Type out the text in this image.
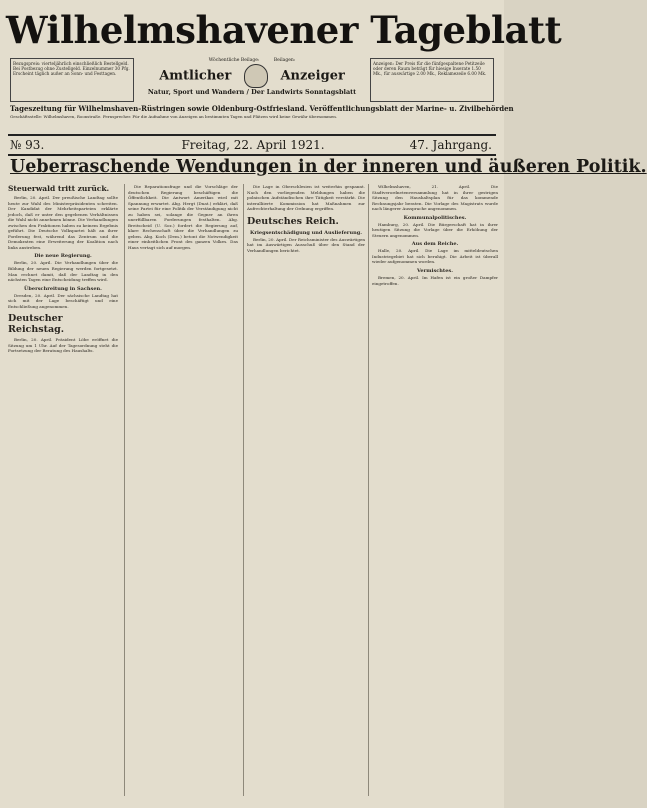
Wilhelmshavener Tageblatt
Bezugspreis: vierteljährlich einschließlich Bestellgeld. Bei Postbezug ohne Zustellgeld. Einzelnummer 30 Pfg. Erscheint täglich außer an Sonn- und Festtagen.
Wöchentliche Beilage:	Beilagen:
Amtlicher	Anzeiger
Natur, Sport und Wandern / Der Landwirts Sonntagsblatt
Anzeigen: Der Preis für die fünfgespaltene Petitzeile oder deren Raum beträgt für hiesige Inserate 1.50 Mk., für auswärtige 2.00 Mk., Reklamezeile 6.00 Mk.
Tageszeitung für Wilhelmshaven-Rüstringen sowie Oldenburg-Ostfriesland. Veröffentlichungsblatt der Marine- u. Zivilbehörden
Geschäftsstelle: Wilhelmshaven, Roonstraße. Fernsprecher. Für die Aufnahme von Anzeigen an bestimmten Tagen und Plätzen wird keine Gewähr übernommen.
№ 93.	Freitag, 22. April 1921.	47. Jahrgang.
Ueberraschende Wendungen in der inneren und äußeren Politik.
Steuerwald tritt zurück.

Berlin, 20. April. Der preußische Landtag sollte heute zur Wahl des Ministerpräsidenten schreiten. Der Kandidat der Mehrheitsparteien erklärte jedoch, daß er unter den gegebenen Verhältnissen die Wahl nicht annehmen könne. Die Verhandlungen zwischen den Fraktionen haben zu keinem Ergebnis geführt. Die Deutsche Volkspartei hält an ihrer Forderung fest, während das Zentrum und die Demokraten eine Erweiterung der Koalition nach links anstreben.

Die neue Regierung.

Berlin, 20. April. Die Verhandlungen über die Bildung der neuen Regierung werden fortgesetzt. Man rechnet damit, daß der Landtag in den nächsten Tagen eine Entscheidung treffen wird.

Überschreitung in Sachsen.

Dresden, 20. April. Der sächsische Landtag hat sich mit der Lage beschäftigt und eine Entschließung angenommen.

Deutscher Reichstag.

Berlin, 20. April. Präsident Löbe eröffnet die Sitzung um 1 Uhr. Auf der Tagesordnung steht die Fortsetzung der Beratung des Haushalts.

Die Reparationsfrage und die Vorschläge der deutschen Regierung beschäftigen die Öffentlichkeit. Die Antwort Amerikas wird mit Spannung erwartet. Abg. Hergt (Dnat.) erklärt, daß seine Partei für eine Politik der Verständigung nicht zu haben sei, solange die Gegner an ihren unerfüllbaren Forderungen festhalten. Abg. Breitscheid (U. Soz.) fordert die Regierung auf, klare Rechenschaft über die Verhandlungen zu geben. Abg. Koch (Dem.) betont die Notwendigkeit einer einheitlichen Front des ganzen Volkes. Das Haus vertagt sich auf morgen.

Die Lage in Oberschlesien ist weiterhin gespannt. Nach den vorliegenden Meldungen haben die polnischen Aufständischen ihre Tätigkeit verstärkt. Die interalliierte Kommission hat Maßnahmen zur Aufrechterhaltung der Ordnung ergriffen.

Deutsches Reich.
Kriegsentschädigung und Auslieferung.

Berlin, 20. April. Der Reichsminister des Auswärtigen hat im Auswärtigen Ausschuß über den Stand der Verhandlungen berichtet.

Wilhelmshaven, 21. April. Die Stadtverordnetenversammlung hat in ihrer gestrigen Sitzung den Haushaltsplan für das kommende Rechnungsjahr beraten. Die Vorlage des Magistrats wurde nach längerer Aussprache angenommen.

Kommunalpolitisches.

Hamburg, 20. April. Die Bürgerschaft hat in ihrer heutigen Sitzung die Vorlage über die Erhöhung der Steuern angenommen.

Aus dem Reiche.

Halle, 20. April. Die Lage im mitteldeutschen Industriegebiet hat sich beruhigt. Die Arbeit ist überall wieder aufgenommen worden.

Vermischtes.

Bremen, 20. April. Im Hafen ist ein großer Dampfer eingetroffen.
